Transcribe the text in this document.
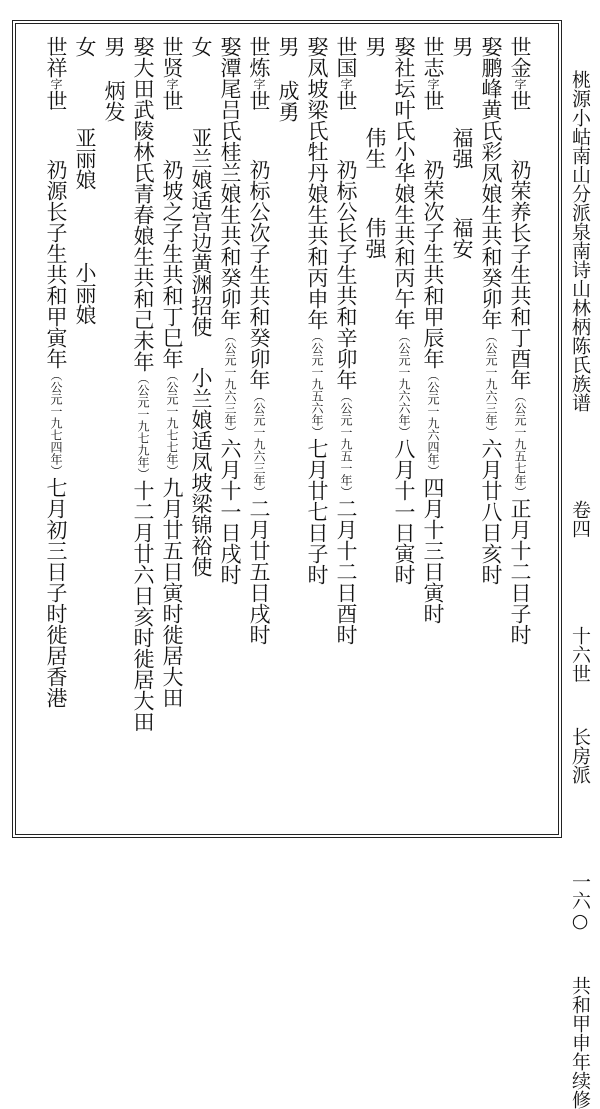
桃源小岵南山分派泉南诗山林柄陈氏族谱    卷四    十六世  长房派    一六○  共和甲申年续修
世金字世  礽荣养长子生共和丁酉年（公元一九五七年）正月十二日子时
娶鹏峰黄氏彩凤娘生共和癸卯年（公元一九六三年）六月廿八日亥时
男
福强
福安
世志字世  礽荣次子生共和甲辰年（公元一九六四年）四月十三日寅时
娶社坛叶氏小华娘生共和丙午年（公元一九六六年）八月十一日寅时
男
伟生
伟强
世国字世  礽标公长子生共和辛卯年（公元一九五一年）二月十二日酉时
娶凤坡梁氏牡丹娘生共和丙申年（公元一九五六年）七月廿七日子时
男
成勇
世炼字世  礽标公次子生共和癸卯年（公元一九六三年）二月廿五日戌时
娶潭尾吕氏桂兰娘生共和癸卯年（公元一九六三年）六月十一日戌时
女
亚兰娘适宫边黄渊招使
小兰娘适凤坡梁锦裕使
世贤字世  礽坡之子生共和丁巳年（公元一九七七年）九月廿五日寅时徙居大田
娶大田武陵林氏青春娘生共和己未年（公元一九七九年）十二月廿六日亥时徙居大田
男
炳发
女
亚丽娘
小丽娘
世祥字世  礽源长子生共和甲寅年（公元一九七四年）七月初三日子时徙居香港
